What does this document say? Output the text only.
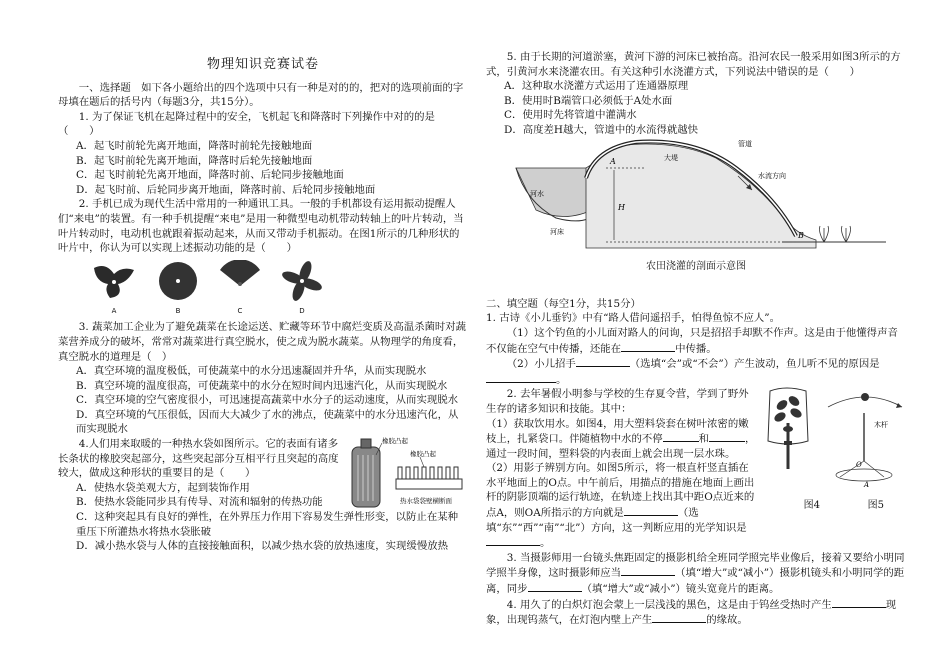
物理知识竞赛试卷
一、选择题　如下各小题给出的四个选项中只有一种是对的的，把对的选项前面的字母填在题后的括号内（每题3分，共15分）。
1. 为了保证飞机在起降过程中的安全，飞机起飞和降落时下列操作中对的的是（　　）
A．起飞时前轮先离开地面，降落时前轮先接触地面
B．起飞时前轮先离开地面，降落时后轮先接触地面
C．起飞时前轮先离开地面，降落时前、后轮同步接触地面
D．起飞时前、后轮同步离开地面，降落时前、后轮同步接触地面
2. 手机已成为现代生活中常用的一种通讯工具。一般的手机都设有运用振动提醒人们“来电”的装置。有一种手机提醒“来电”是用一种微型电动机带动转轴上的叶片转动，当叶片转动时，电动机也就跟着振动起来，从而又带动手机振动。在图1所示的几种形状的叶片中，你认为可以实现上述振动功能的是（　　）
A	B	C	D
3. 蔬菜加工企业为了避免蔬菜在长途运送、贮藏等环节中腐烂变质及高温杀菌时对蔬菜营养成分的破坏，常常对蔬菜进行真空脱水，使之成为脱水蔬菜。从物理学的角度看，真空脱水的道理是（　）
A．真空环境的温度极低，可使蔬菜中的水分迅速凝固并升华，从而实现脱水
B．真空环境的温度很高，可使蔬菜中的水分在短时间内迅速汽化，从而实现脱水
C．真空环境的空气密度很小，可迅速提高蔬菜中水分子的运动速度，从而实现脱水
D．真空环境的气压很低，因而大大减少了水的沸点，使蔬菜中的水分迅速汽化，从而实现脱水
4.人们用来取暖的一种热水袋如图所示。它的表面有诸多长条状的橡胶突起部分，这些突起部分互相平行且突起的高度较大，做成这种形状的重要目的是（　　）
橡胶凸起
橡胶凸起
热水袋袋壁横断面
A．使热水袋美观大方，起到装饰作用
B．使热水袋能同步具有传导、对流和辐射的传热功能
C．这种突起具有良好的弹性，在外界压力作用下容易发生弹性形变，以防止在某种重压下所灌热水将热水袋胀破
D．减小热水袋与人体的直接接触面积，以减少热水袋的放热速度，实现缓慢放热
5. 由于长期的河道淤塞，黄河下游的河床已被抬高。沿河农民一般采用如图3所示的方式，引黄河水来浇灌农田。有关这种引水浇灌方式，下列说法中错误的是（　　）
A．这种取水浇灌方式运用了连通器原理
B．使用时B端管口必须低于A处水面
C．使用时先将管道中灌满水
D．高度差H越大，管道中的水流得就越快
A
B
H
管道
大堤
水流方向
河水
河床
农田浇灌的剖面示意图
二、填空题（每空1分，共15分）
1. 古诗《小儿垂钓》中有“路人借问遥招手，怕得鱼惊不应人”。
（1）这个钓鱼的小儿面对路人的问询，只是招招手却默不作声。这是由于他懂得声音不仅能在空气中传播，还能在	中传播。
（2）小儿招手	（选填“会”或“不会”）产生波动，鱼儿听不见的原因是。
2. 去年暑假小明参与学校的生存夏令营，学到了野外生存的诸多知识和技能。其中：
（1）获取饮用水。如图4，用大塑料袋套在树叶浓密的嫩枝上，扎紧袋口。伴随植物中水的不停	和	，通过一段时间，塑料袋的内表面上就会出现一层水珠。
木杆
O
A
图4	图5
（2）用影子辨别方向。如图5所示，将一根直杆竖直插在水平地面上的O点。中午前后，用描点的措施在地面上画出杆的阴影顶端的运行轨迹，在轨迹上找出其中距O点近来的点A，则OA所指示的方向就是	（选填“东”“西”“南”“北”）方向，这一判断应用的光学知识是。
3. 当摄影师用一台镜头焦距固定的摄影机给全班同学照完毕业像后，接着又要给小明同学照半身像，这时摄影师应当	（填“增大”或“减小”）摄影机镜头和小明同学的距离，同步	（填“增大”或“减小”）镜头宽竟片的距离。
4. 用久了的白炽灯泡会蒙上一层浅浅的黑色，这是由于钨丝受热时产生	现象，出现钨蒸气，在灯泡内壁上产生	的缘故。
